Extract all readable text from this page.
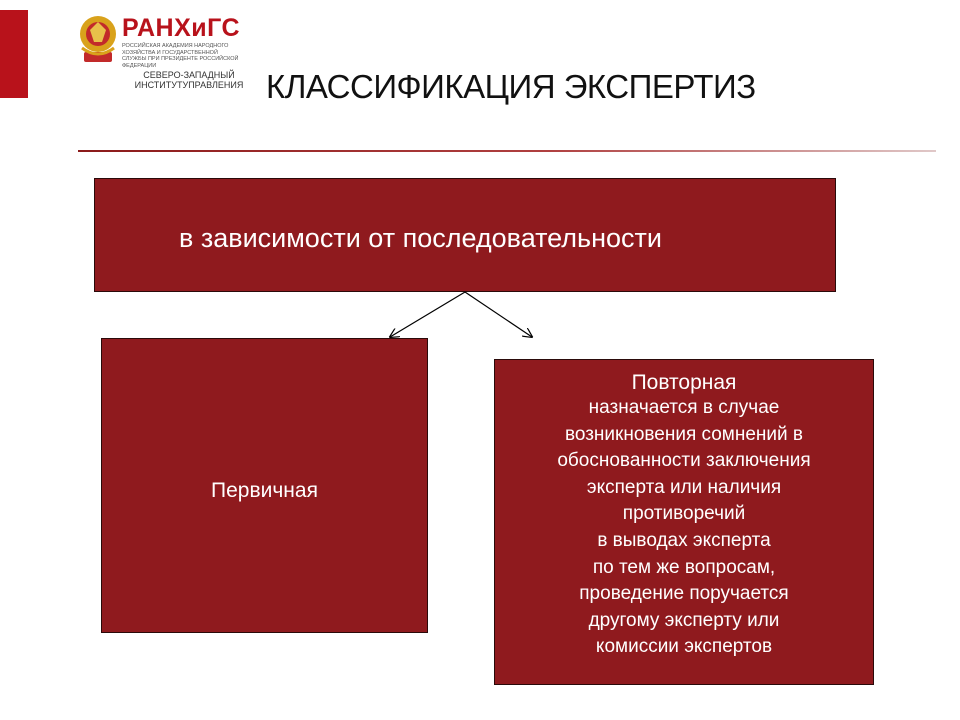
РАНХиГС
РОССИЙСКАЯ АКАДЕМИЯ НАРОДНОГО ХОЗЯЙСТВА И ГОСУДАРСТВЕННОЙ СЛУЖБЫ ПРИ ПРЕЗИДЕНТЕ РОССИЙСКОЙ ФЕДЕРАЦИИ
СЕВЕРО-ЗАПАДНЫЙ
ИНСТИТУТУПРАВЛЕНИЯ КЛАССИФИКАЦИЯ ЭКСПЕРТИЗ
в зависимости от последовательности
Первичная
Повторная
назначается в случае
возникновения сомнений в
обоснованности заключения
эксперта или наличия
противоречий
в выводах эксперта
по тем же вопросам,
проведение поручается
другому эксперту или
комиссии экспертов
